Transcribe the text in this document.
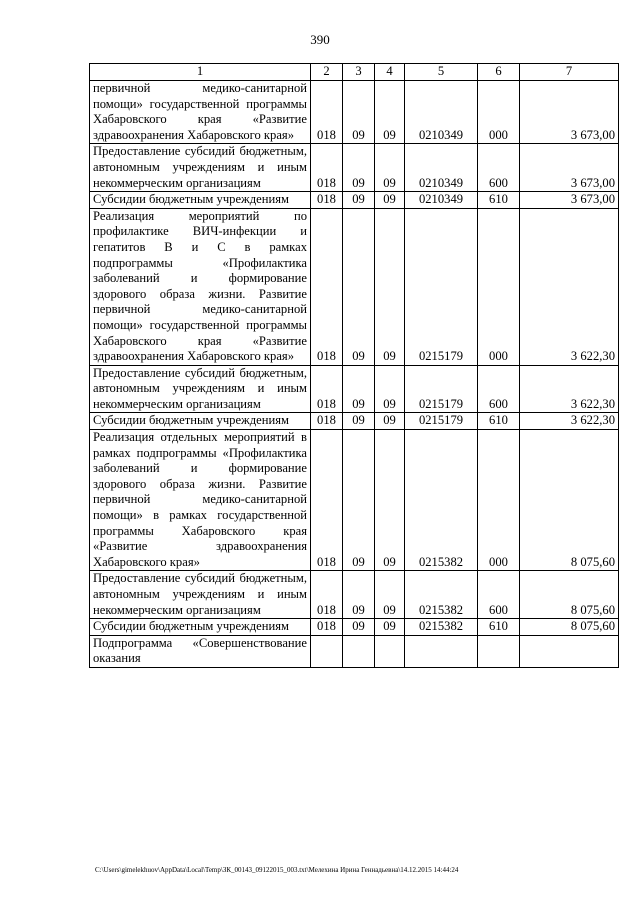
390
1	2	3	4	5	6	7
первичной медико-санитарной помощи» государственной программы Хабаровского края «Развитие здравоохранения Хабаровского края»	018	09	09	0210349	000	3 673,00
Предоставление субсидий бюджетным, автономным учреждениям и иным некоммерческим организациям	018	09	09	0210349	600	3 673,00
Субсидии бюджетным учреждениям	018	09	09	0210349	610	3 673,00
Реализация мероприятий по профилактике ВИЧ-инфекции и гепатитов В и С в рамках подпрограммы «Профилактика заболеваний и формирование здорового образа жизни. Развитие первичной медико-санитарной помощи» государственной программы Хабаровского края «Развитие здравоохранения Хабаровского края»	018	09	09	0215179	000	3 622,30
Предоставление субсидий бюджетным, автономным учреждениям и иным некоммерческим организациям	018	09	09	0215179	600	3 622,30
Субсидии бюджетным учреждениям	018	09	09	0215179	610	3 622,30
Реализация отдельных мероприятий в рамках подпрограммы «Профилактика заболеваний и формирование здорового образа жизни. Развитие первичной медико-санитарной помощи» в рамках государственной программы Хабаровского края «Развитие здравоохранения Хабаровского края»	018	09	09	0215382	000	8 075,60
Предоставление субсидий бюджетным, автономным учреждениям и иным некоммерческим организациям	018	09	09	0215382	600	8 075,60
Субсидии бюджетным учреждениям	018	09	09	0215382	610	8 075,60
Подпрограмма «Совершенствование оказания						
C:\Users\gimelekhuov\AppData\Local\Temp\ЗК_00143_09122015_003.txt\Мелехина Ирина Геннадьевна\14.12.2015 14:44:24
